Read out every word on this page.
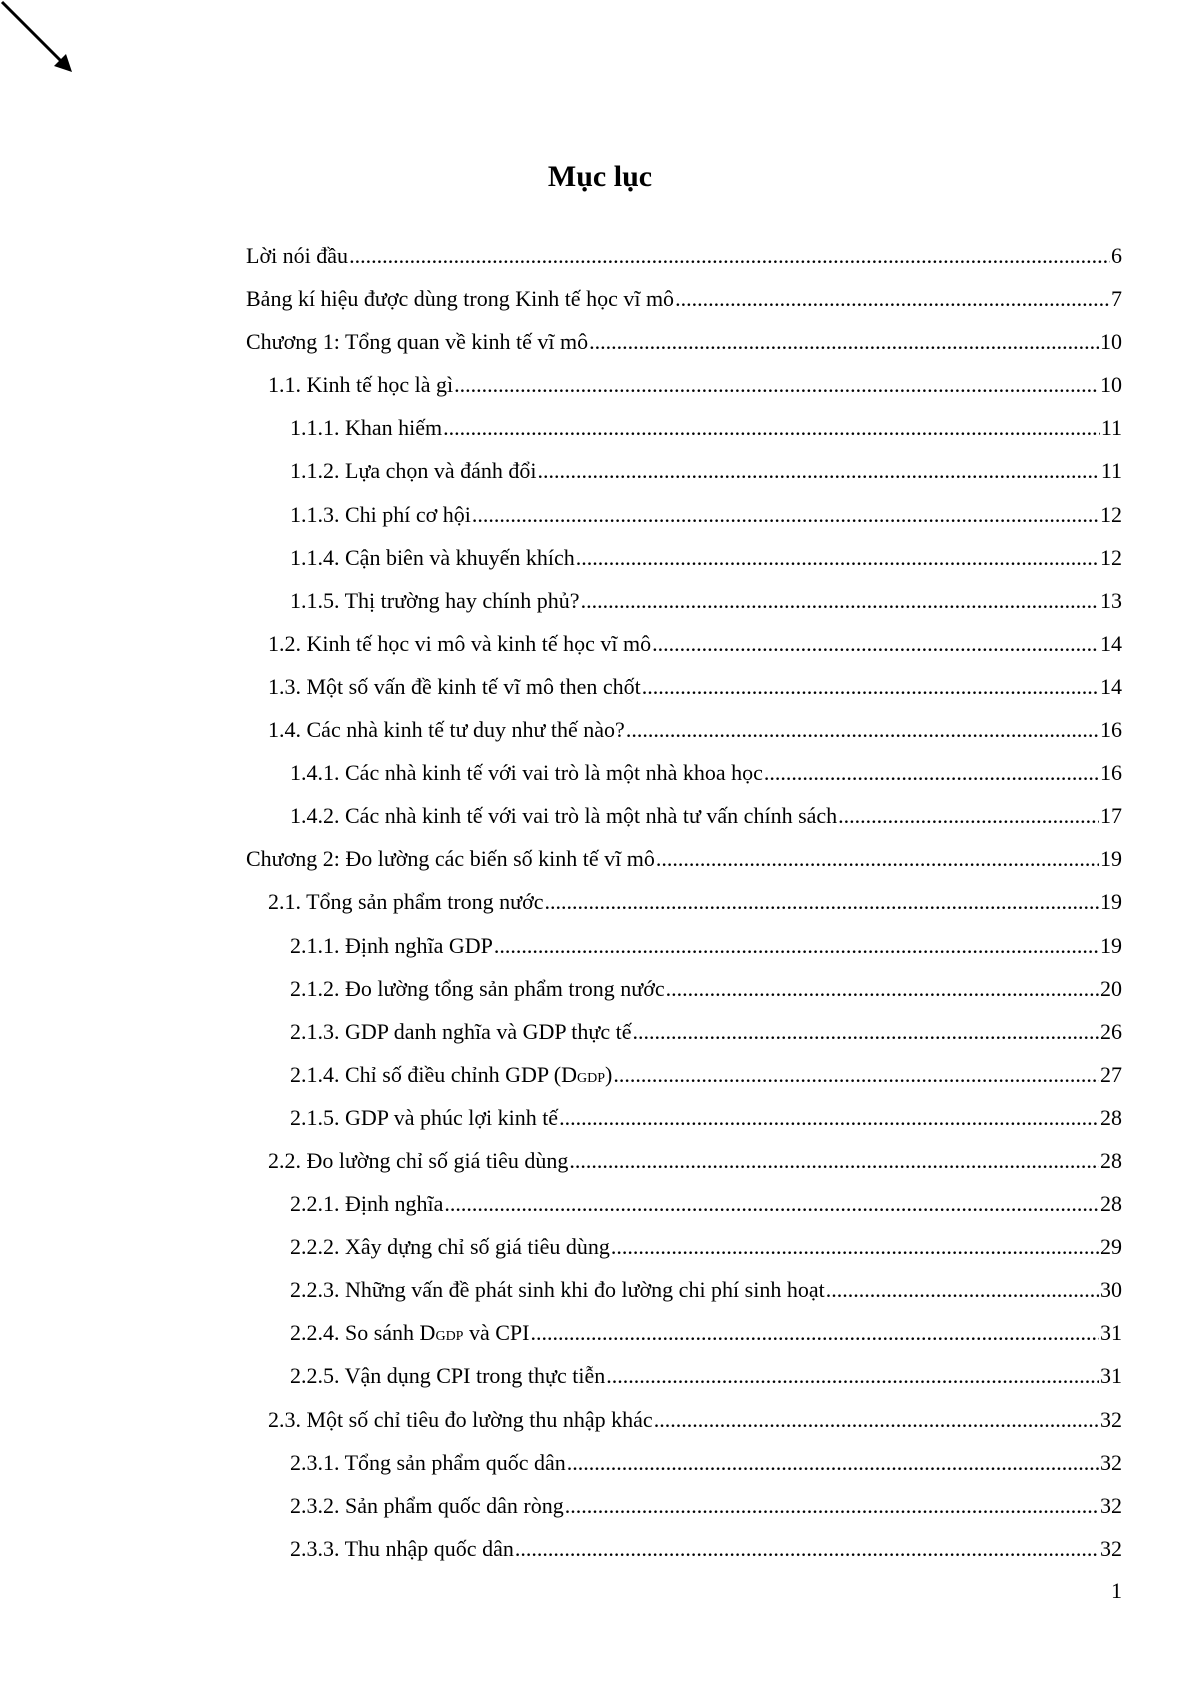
Mục lục
Lời nói đầu .....	6
Bảng kí hiệu được dùng trong Kinh tế học vĩ mô .....	7
Chương 1: Tổng quan về kinh tế vĩ mô .....	10
1.1. Kinh tế học là gì .....	10
1.1.1. Khan hiếm .....	11
1.1.2. Lựa chọn và đánh đổi .....	11
1.1.3. Chi phí cơ hội .....	12
1.1.4. Cận biên và khuyến khích .....	12
1.1.5. Thị trường hay chính phủ? .....	13
1.2. Kinh tế học vi mô và kinh tế học vĩ mô .....	14
1.3. Một số vấn đề kinh tế vĩ mô then chốt .....	14
1.4. Các nhà kinh tế tư duy như thế nào? .....	16
1.4.1. Các nhà kinh tế với vai trò là một nhà khoa học .....	16
1.4.2. Các nhà kinh tế với vai trò là một nhà tư vấn chính sách .....	17
Chương 2: Đo lường các biến số kinh tế vĩ mô .....	19
2.1. Tổng sản phẩm trong nước .....	19
2.1.1. Định nghĩa GDP .....	19
2.1.2. Đo lường tổng sản phẩm trong nước .....	20
2.1.3. GDP danh nghĩa và GDP thực tế .....	26
2.1.4. Chỉ số điều chỉnh GDP (DGDP) .....	27
2.1.5. GDP và phúc lợi kinh tế .....	28
2.2. Đo lường chỉ số giá tiêu dùng .....	28
2.2.1. Định nghĩa .....	28
2.2.2. Xây dựng chỉ số giá tiêu dùng .....	29
2.2.3. Những vấn đề phát sinh khi đo lường chi phí sinh hoạt .....	30
2.2.4. So sánh DGDP và CPI .....	31
2.2.5. Vận dụng CPI trong thực tiễn .....	31
2.3. Một số chỉ tiêu đo lường thu nhập khác .....	32
2.3.1. Tổng sản phẩm quốc dân .....	32
2.3.2. Sản phẩm quốc dân ròng .....	32
2.3.3. Thu nhập quốc dân .....	32
1
